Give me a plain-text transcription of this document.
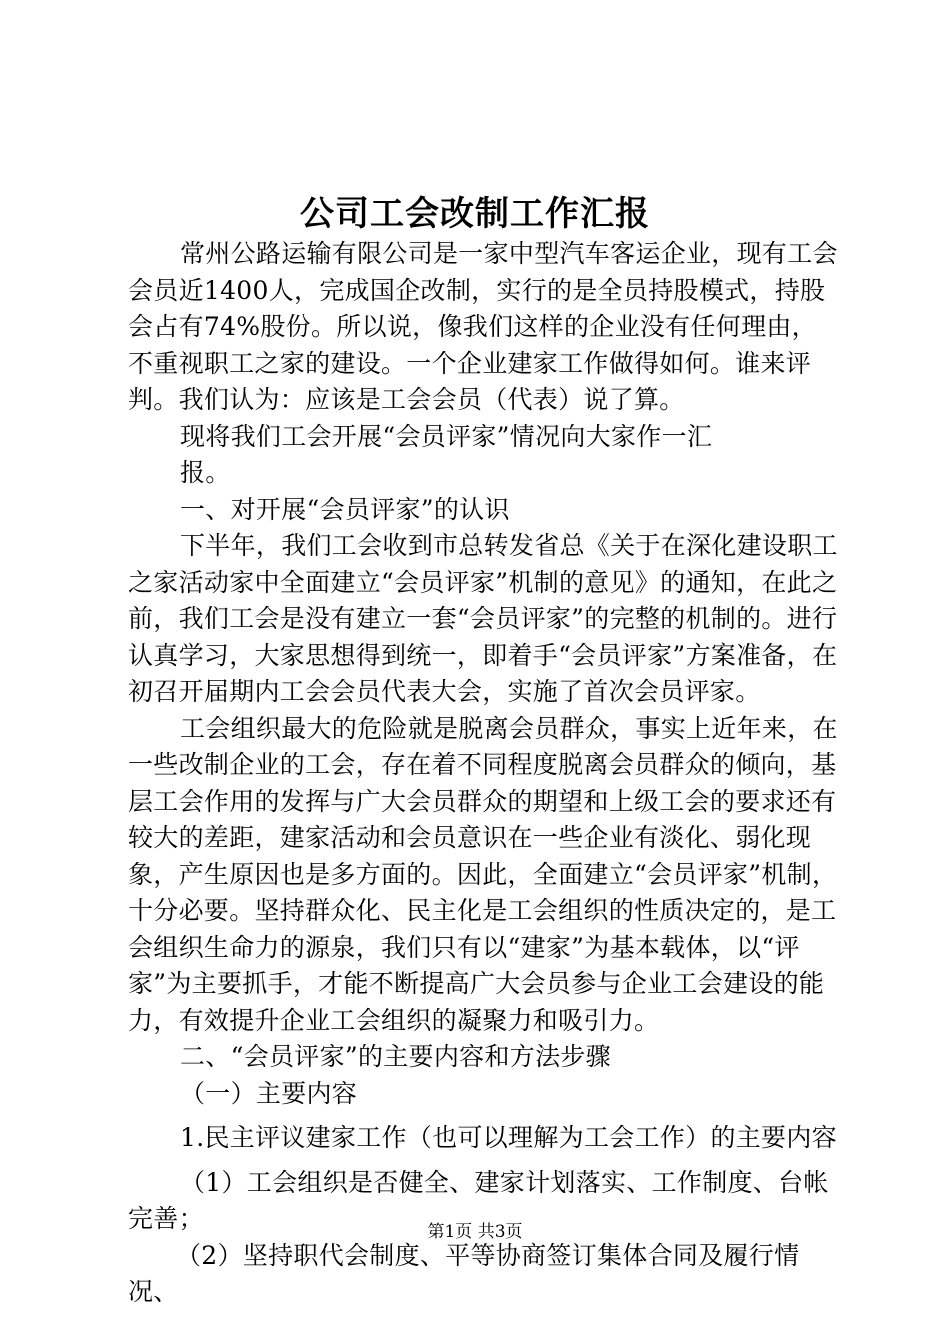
公司工会改制工作汇报

常州公路运输有限公司是一家中型汽车客运企业，现有工会会员近1400人，完成国企改制，实行的是全员持股模式，持股会占有74%股份。所以说，像我们这样的企业没有任何理由，不重视职工之家的建设。一个企业建家工作做得如何。谁来评判。我们认为：应该是工会会员（代表）说了算。

现将我们工会开展“会员评家”情况向大家作一汇

报。

一、对开展“会员评家”的认识

下半年，我们工会收到市总转发省总《关于在深化建设职工之家活动家中全面建立“会员评家”机制的意见》的通知，在此之前，我们工会是没有建立一套“会员评家”的完整的机制的。进行认真学习，大家思想得到统一，即着手“会员评家”方案准备，在初召开届期内工会会员代表大会，实施了首次会员评家。

工会组织最大的危险就是脱离会员群众，事实上近年来，在一些改制企业的工会，存在着不同程度脱离会员群众的倾向，基层工会作用的发挥与广大会员群众的期望和上级工会的要求还有较大的差距，建家活动和会员意识在一些企业有淡化、弱化现象，产生原因也是多方面的。因此，全面建立“会员评家”机制，十分必要。坚持群众化、民主化是工会组织的性质决定的，是工会组织生命力的源泉，我们只有以“建家”为基本载体，以“评家”为主要抓手，才能不断提高广大会员参与企业工会建设的能力，有效提升企业工会组织的凝聚力和吸引力。

二、“会员评家”的主要内容和方法步骤

（一）主要内容

1.民主评议建家工作（也可以理解为工会工作）的主要内容

（1）工会组织是否健全、建家计划落实、工作制度、台帐完善；

（2）坚持职代会制度、平等协商签订集体合同及履行情况、

第1页 共3页
